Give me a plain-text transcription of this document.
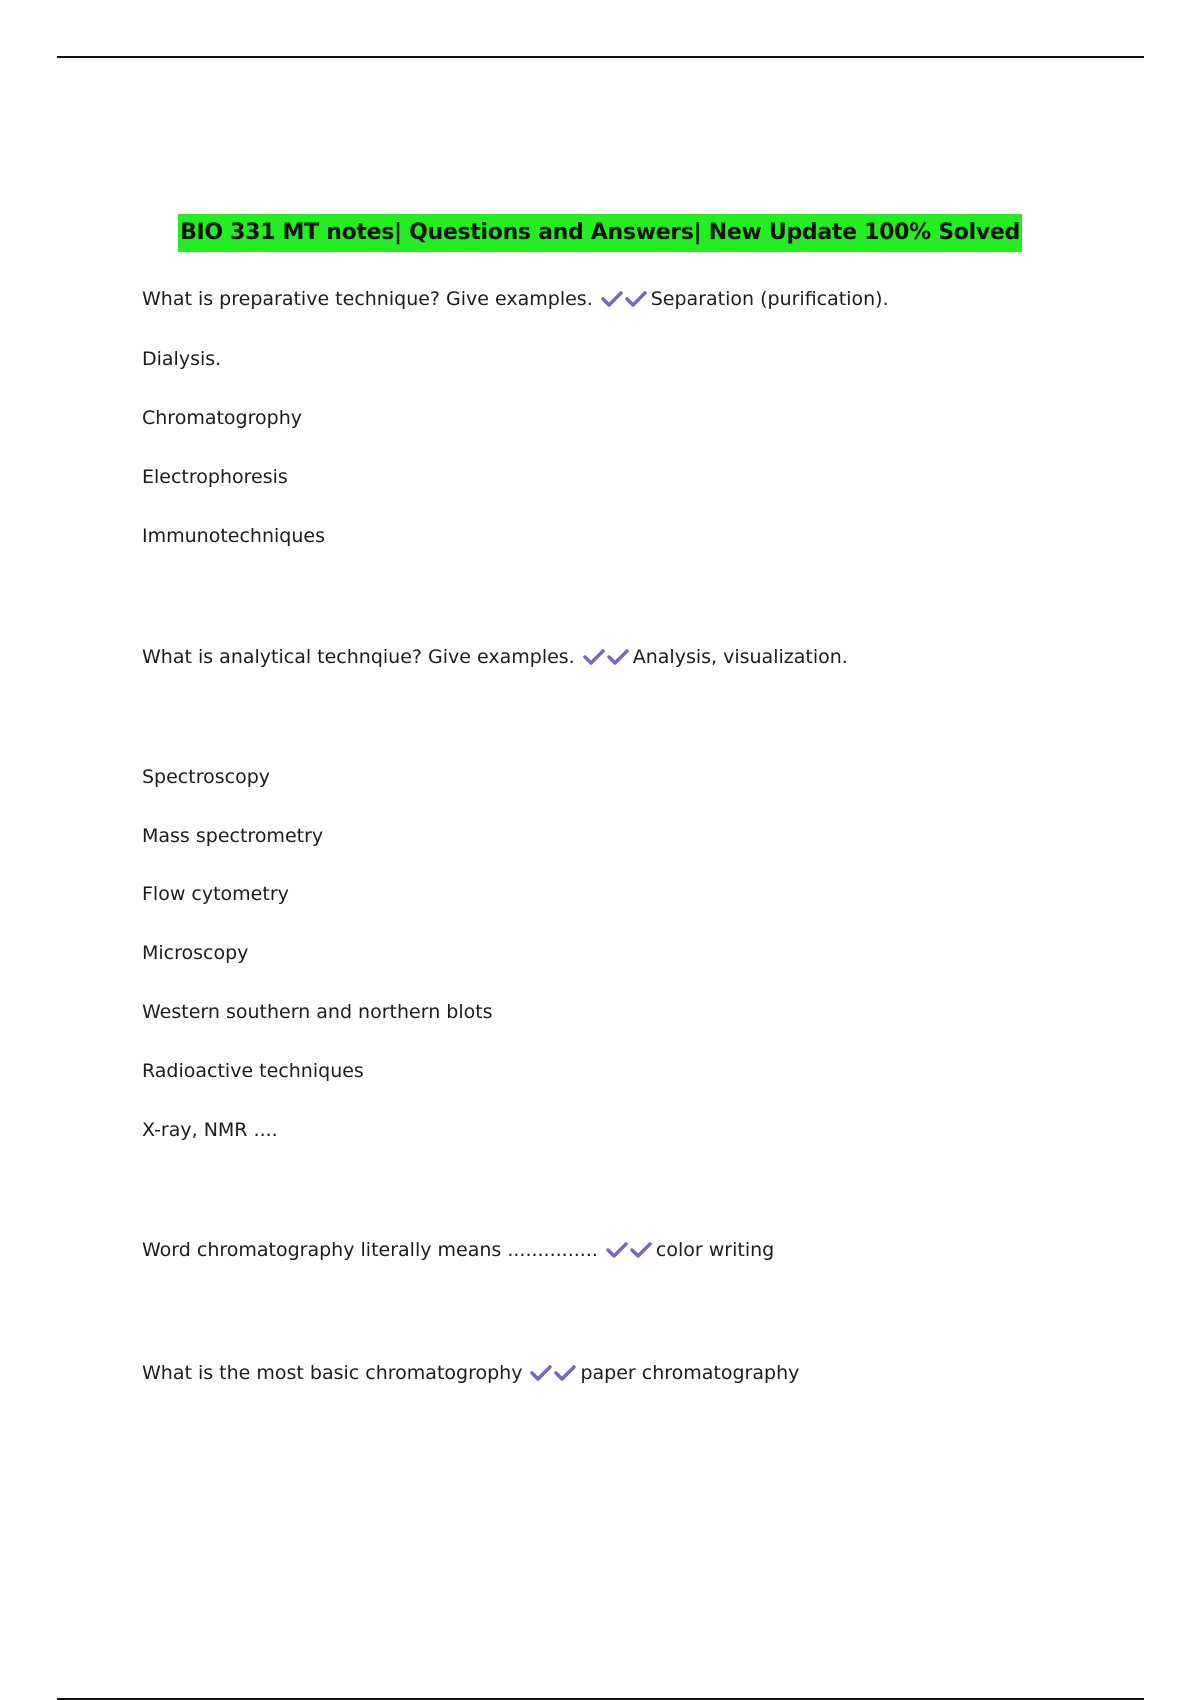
BIO 331 MT notes| Questions and Answers| New Update 100% Solved
What is preparative technique? Give examples.	Separation (purification).
Dialysis.
Chromatogrophy
Electrophoresis
Immunotechniques
What is analytical technqiue? Give examples.	Analysis, visualization.
Spectroscopy
Mass spectrometry
Flow cytometry
Microscopy
Western southern and northern blots
Radioactive techniques
X-ray, NMR ....
Word chromatography literally means ...............	color writing
What is the most basic chromatogrophy	paper chromatography
